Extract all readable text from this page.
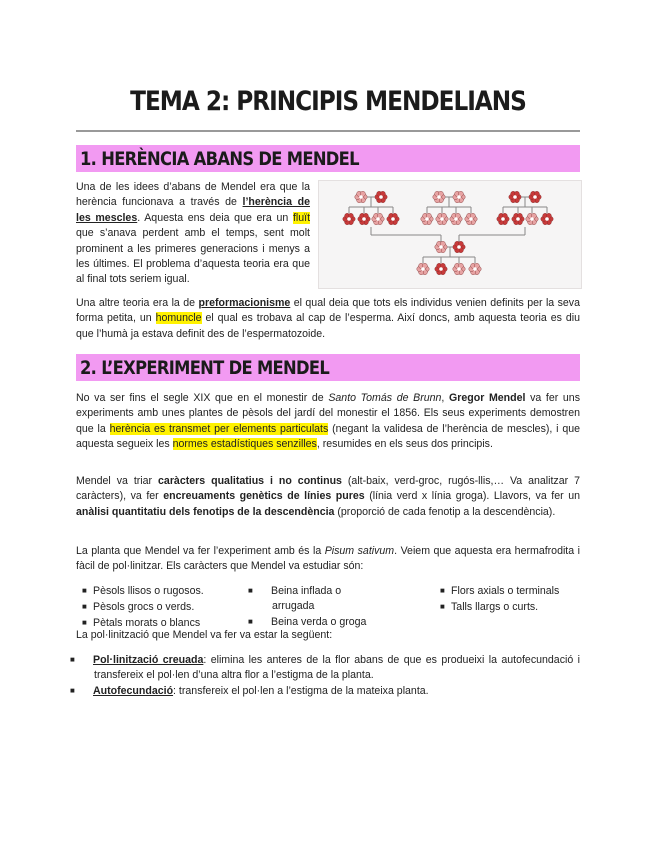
TEMA 2: PRINCIPIS MENDELIANS
1. HERÈNCIA ABANS DE MENDEL

Una de les idees d’abans de Mendel era que la herència funcionava a través de l’herència de les mescles. Aquesta ens deia que era un fluït que s’anava perdent amb el temps, sent molt prominent a les primeres generacions i menys a les últimes. El problema d’aquesta teoria era que al final tots seriem igual.

Una altre teoria era la de preformacionisme el qual deia que tots els individus venien definits per la seva forma petita, un homuncle el qual es trobava al cap de l’esperma. Així doncs, amb aquesta teoria es diu que l’humà ja estava definit des de l’espermatozoide.

2. L’EXPERIMENT DE MENDEL

No va ser fins el segle XIX que en el monestir de Santo Tomás de Brunn, Gregor Mendel va fer uns experiments amb unes plantes de pèsols del jardí del monestir el 1856. Els seus experiments demostren que la herència es transmet per elements particulats (negant la validesa de l’herència de mescles), i que aquesta segueix les normes estadístiques senzilles, resumides en els seus dos principis.

Mendel va triar caràcters qualitatius i no continus (alt-baix, verd-groc, rugós-llis,… Va analitzar 7 caràcters), va fer encreuaments genètics de línies pures (línia verd x línia groga). Llavors, va fer un anàlisi quantitatiu dels fenotips de la descendència (proporció de cada fenotip a la descendència).

La planta que Mendel va fer l’experiment amb és la Pisum sativum. Veiem que aquesta era hermafrodita i fàcil de pol·linitzar. Els caràcters que Mendel va estudiar són:

■ Pèsols llisos o rugosos.
■ Pèsols grocs o verds.
■ Pètals morats o blancs
■ Beina inflada o arrugada
■ Beina verda o groga
■ Flors axials o terminals
■ Talls llargs o curts.

La pol·linització que Mendel va fer va estar la següent:

■ Pol·linització creuada: elimina les anteres de la flor abans de que es produeixi la autofecundació i transfereix el pol·len d’una altra flor a l’estigma de la planta.
■ Autofecundació: transfereix el pol·len a l’estigma de la mateixa planta.
